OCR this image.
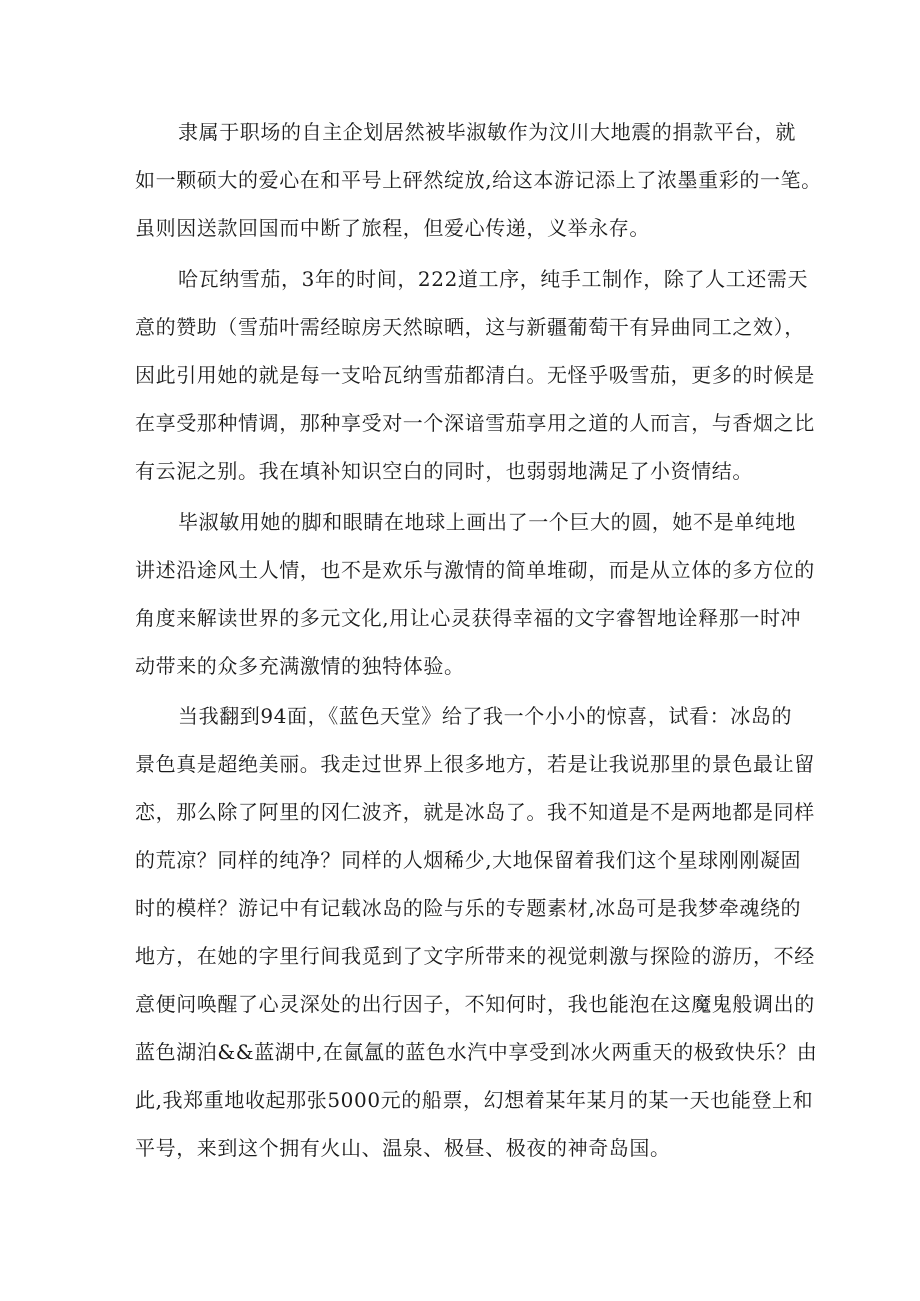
隶属于职场的自主企划居然被毕淑敏作为汶川大地震的捐款平台，就
如一颗硕大的爱心在和平号上砰然绽放,给这本游记添上了浓墨重彩的一笔。
虽则因送款回国而中断了旅程，但爱心传递，义举永存。
哈瓦纳雪茄，3年的时间，222道工序，纯手工制作，除了人工还需天
意的赞助（雪茄叶需经晾房天然晾晒，这与新疆葡萄干有异曲同工之效），
因此引用她的就是每一支哈瓦纳雪茄都清白。无怪乎吸雪茄，更多的时候是
在享受那种情调，那种享受对一个深谙雪茄享用之道的人而言，与香烟之比
有云泥之别。我在填补知识空白的同时，也弱弱地满足了小资情结。
毕淑敏用她的脚和眼睛在地球上画出了一个巨大的圆，她不是单纯地
讲述沿途风土人情，也不是欢乐与激情的简单堆砌，而是从立体的多方位的
角度来解读世界的多元文化,用让心灵获得幸福的文字睿智地诠释那一时冲
动带来的众多充满激情的独特体验。
当我翻到94面，《蓝色天堂》给了我一个小小的惊喜，试看：冰岛的
景色真是超绝美丽。我走过世界上很多地方，若是让我说那里的景色最让留
恋，那么除了阿里的冈仁波齐，就是冰岛了。我不知道是不是两地都是同样
的荒凉？同样的纯净？同样的人烟稀少,大地保留着我们这个星球刚刚凝固
时的模样？游记中有记载冰岛的险与乐的专题素材,冰岛可是我梦牵魂绕的
地方，在她的字里行间我觅到了文字所带来的视觉刺激与探险的游历，不经
意便问唤醒了心灵深处的出行因子，不知何时，我也能泡在这魔鬼般调出的
蓝色湖泊&&蓝湖中,在氤氲的蓝色水汽中享受到冰火两重天的极致快乐？由
此,我郑重地收起那张5000元的船票，幻想着某年某月的某一天也能登上和
平号，来到这个拥有火山、温泉、极昼、极夜的神奇岛国。
